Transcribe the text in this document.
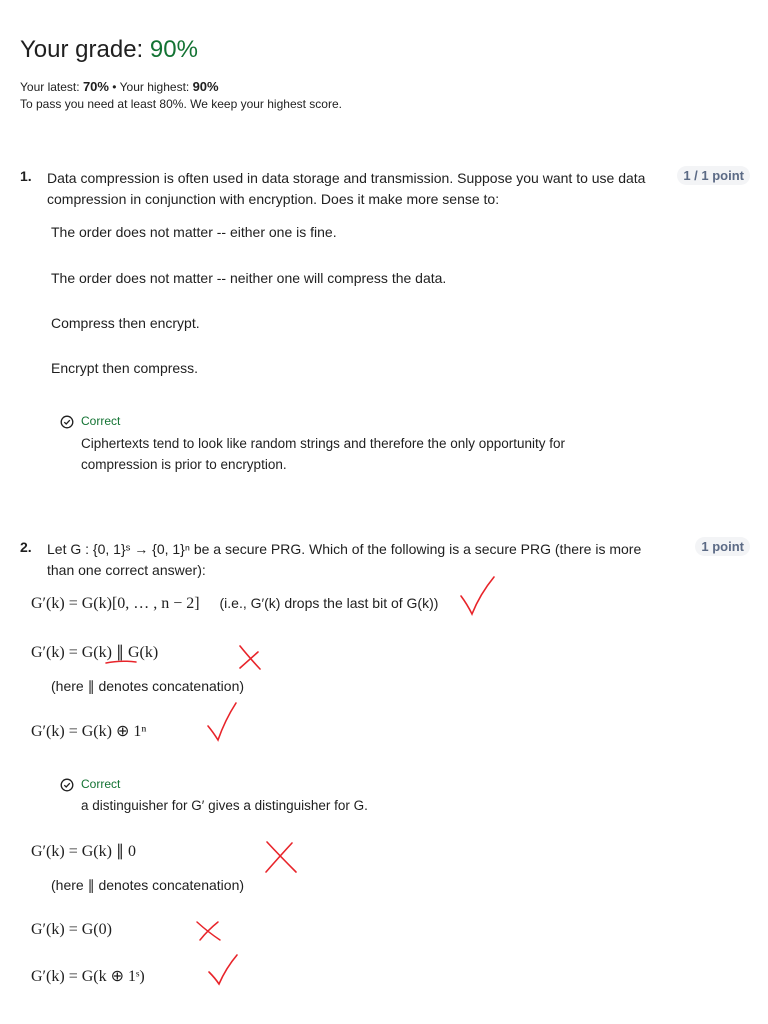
Your grade: 90%
Your latest: 70% • Your highest: 90%
To pass you need at least 80%. We keep your highest score.
1. Data compression is often used in data storage and transmission. Suppose you want to use data compression in conjunction with encryption. Does it make more sense to:
1 / 1 point
The order does not matter -- either one is fine.
The order does not matter -- neither one will compress the data.
Compress then encrypt.
Encrypt then compress.
Correct
Ciphertexts tend to look like random strings and therefore the only opportunity for compression is prior to encryption.
2. Let G : {0, 1}ˢ → {0, 1}ⁿ be a secure PRG. Which of the following is a secure PRG (there is more than one correct answer):
1 point
G′(k) = G(k)[0, … , n − 2] (i.e., G′(k) drops the last bit of G(k))
G′(k) = G(k) ∥ G(k)
(here ∥ denotes concatenation)
G′(k) = G(k) ⊕ 1ⁿ
Correct
a distinguisher for G′ gives a distinguisher for G.
G′(k) = G(k) ∥ 0
(here ∥ denotes concatenation)
G′(k) = G(0)
G′(k) = G(k ⊕ 1ˢ)
